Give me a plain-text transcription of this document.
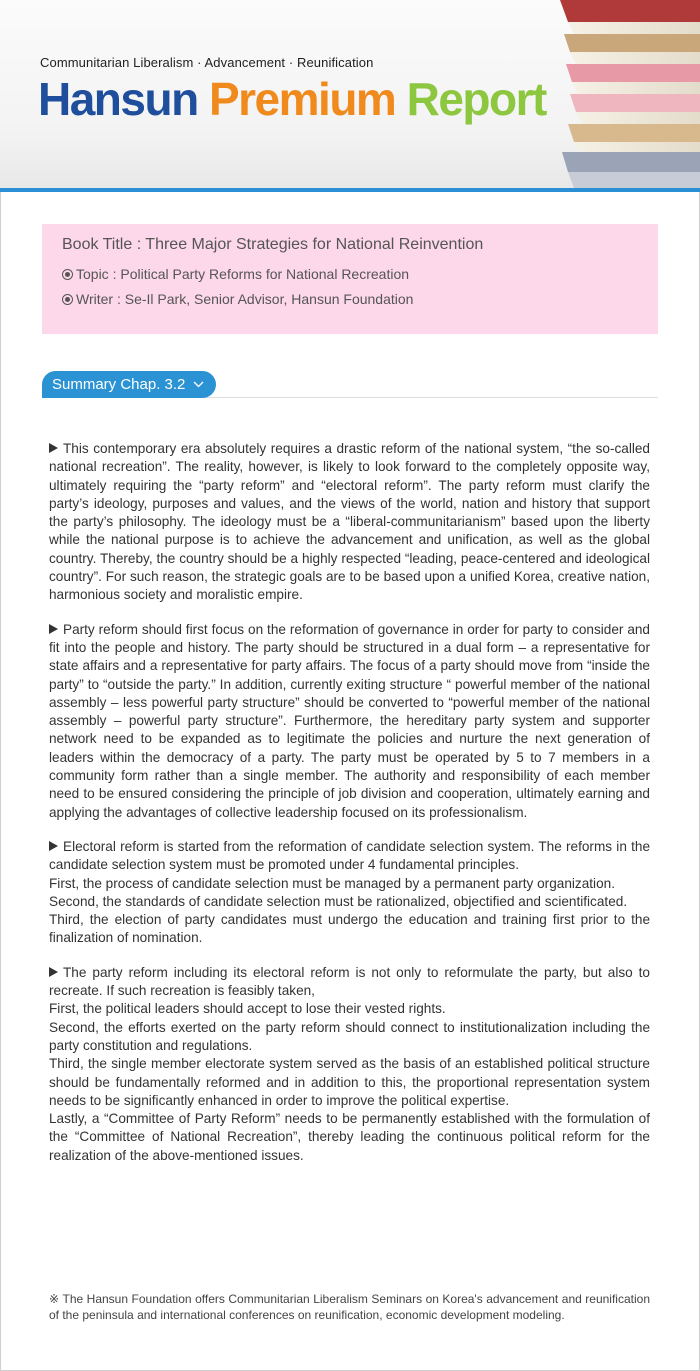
Communitarian Liberalism · Advancement · Reunification
Hansun Premium Report
Book Title : Three Major Strategies for National Reinvention
Topic : Political Party Reforms for National Recreation
Writer : Se-Il Park, Senior Advisor, Hansun Foundation
Summary Chap. 3.2

This contemporary era absolutely requires a drastic reform of the national system, “the so-called national recreation”. The reality, however, is likely to look forward to the completely opposite way, ultimately requiring the “party reform” and “electoral reform”. The party reform must clarify the party’s ideology, purposes and values, and the views of the world, nation and history that support the party’s philosophy. The ideology must be a “liberal-communitarianism” based upon the liberty while the national purpose is to achieve the advancement and unification, as well as the global country. Thereby, the country should be a highly respected “leading, peace-centered and ideological country”. For such reason, the strategic goals are to be based upon a unified Korea, creative nation, harmonious society and moralistic empire.

Party reform should first focus on the reformation of governance in order for party to consider and fit into the people and history. The party should be structured in a dual form – a representative for state affairs and a representative for party affairs. The focus of a party should move from “inside the party” to “outside the party.” In addition, currently exiting structure “ powerful member of the national assembly – less powerful party structure” should be converted to “powerful member of the national assembly – powerful party structure”. Furthermore, the hereditary party system and supporter network need to be expanded as to legitimate the policies and nurture the next generation of leaders within the democracy of a party. The party must be operated by 5 to 7 members in a community form rather than a single member. The authority and responsibility of each member need to be ensured considering the principle of job division and cooperation, ultimately earning and applying the advantages of collective leadership focused on its professionalism.

Electoral reform is started from the reformation of candidate selection system. The reforms in the candidate selection system must be promoted under 4 fundamental principles.
First, the process of candidate selection must be managed by a permanent party organization.
Second, the standards of candidate selection must be rationalized, objectified and scientificated.
Third, the election of party candidates must undergo the education and training first prior to the finalization of nomination.

The party reform including its electoral reform is not only to reformulate the party, but also to recreate. If such recreation is feasibly taken,
First, the political leaders should accept to lose their vested rights.
Second, the efforts exerted on the party reform should connect to institutionalization including the party constitution and regulations.
Third, the single member electorate system served as the basis of an established political structure should be fundamentally reformed and in addition to this, the proportional representation system needs to be significantly enhanced in order to improve the political expertise.
Lastly, a “Committee of Party Reform” needs to be permanently established with the formulation of the “Committee of National Recreation”, thereby leading the continuous political reform for the realization of the above-mentioned issues.

※ The Hansun Foundation offers Communitarian Liberalism Seminars on Korea's advancement and reunification of the peninsula and international conferences on reunification, economic development modeling.
